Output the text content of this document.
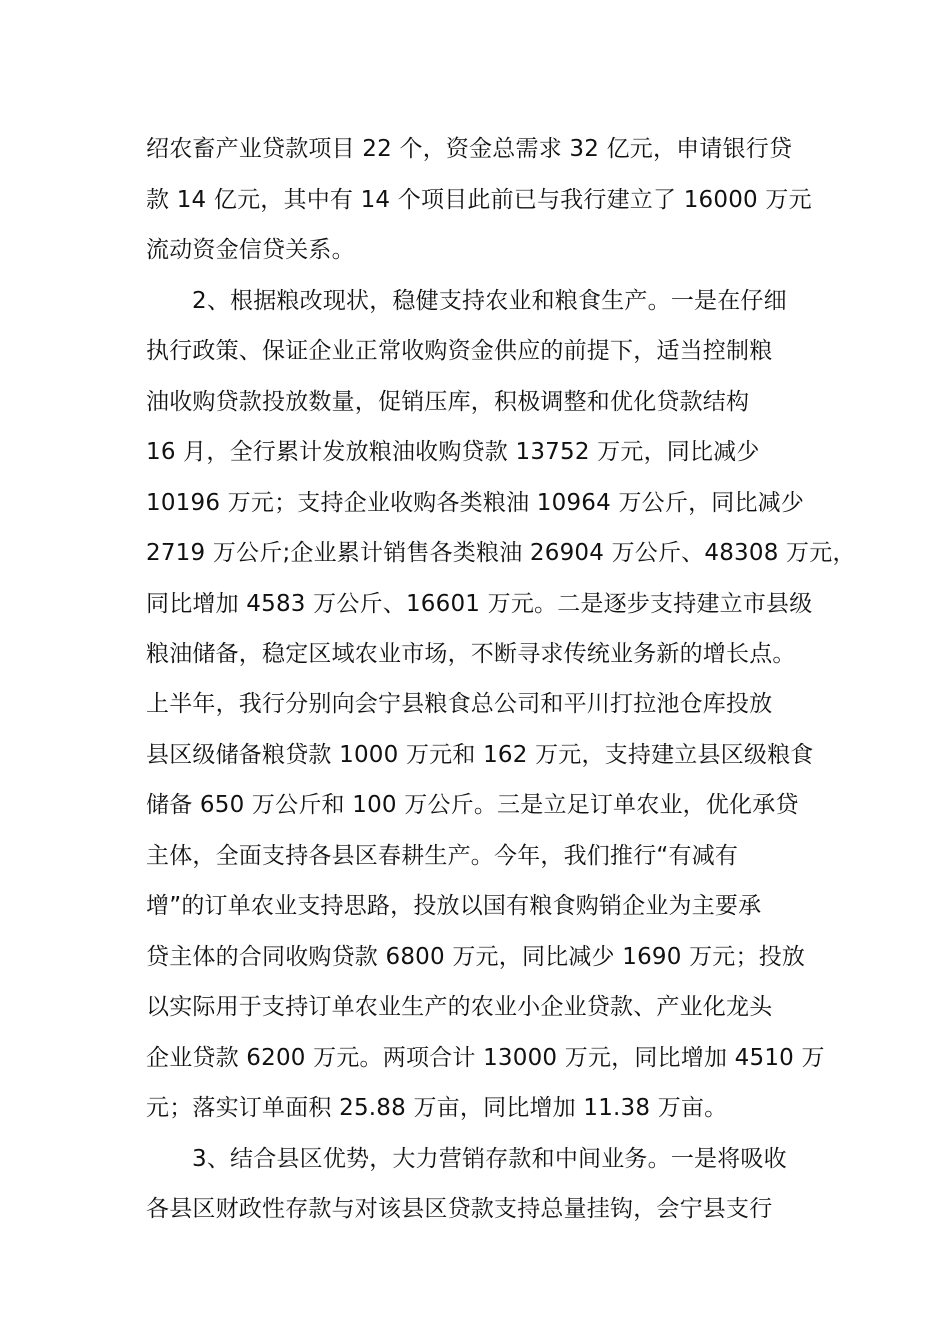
绍农畜产业贷款项目 22 个，资金总需求 32 亿元，申请银行贷
款 14 亿元，其中有 14 个项目此前已与我行建立了 16000 万元
流动资金信贷关系。
2、根据粮改现状，稳健支持农业和粮食生产。一是在仔细
执行政策、保证企业正常收购资金供应的前提下，适当控制粮
油收购贷款投放数量，促销压库，积极调整和优化贷款结构
16 月，全行累计发放粮油收购贷款 13752 万元，同比减少
10196 万元；支持企业收购各类粮油 10964 万公斤，同比减少
2719 万公斤;企业累计销售各类粮油 26904 万公斤、48308 万元，
同比增加 4583 万公斤、16601 万元。二是逐步支持建立市县级
粮油储备，稳定区域农业市场，不断寻求传统业务新的增长点。
上半年，我行分别向会宁县粮食总公司和平川打拉池仓库投放
县区级储备粮贷款 1000 万元和 162 万元，支持建立县区级粮食
储备 650 万公斤和 100 万公斤。三是立足订单农业，优化承贷
主体，全面支持各县区春耕生产。今年，我们推行“有减有
增”的订单农业支持思路，投放以国有粮食购销企业为主要承
贷主体的合同收购贷款 6800 万元，同比减少 1690 万元；投放
以实际用于支持订单农业生产的农业小企业贷款、产业化龙头
企业贷款 6200 万元。两项合计 13000 万元，同比增加 4510 万
元；落实订单面积 25.88 万亩，同比增加 11.38 万亩。
3、结合县区优势，大力营销存款和中间业务。一是将吸收
各县区财政性存款与对该县区贷款支持总量挂钩，会宁县支行
